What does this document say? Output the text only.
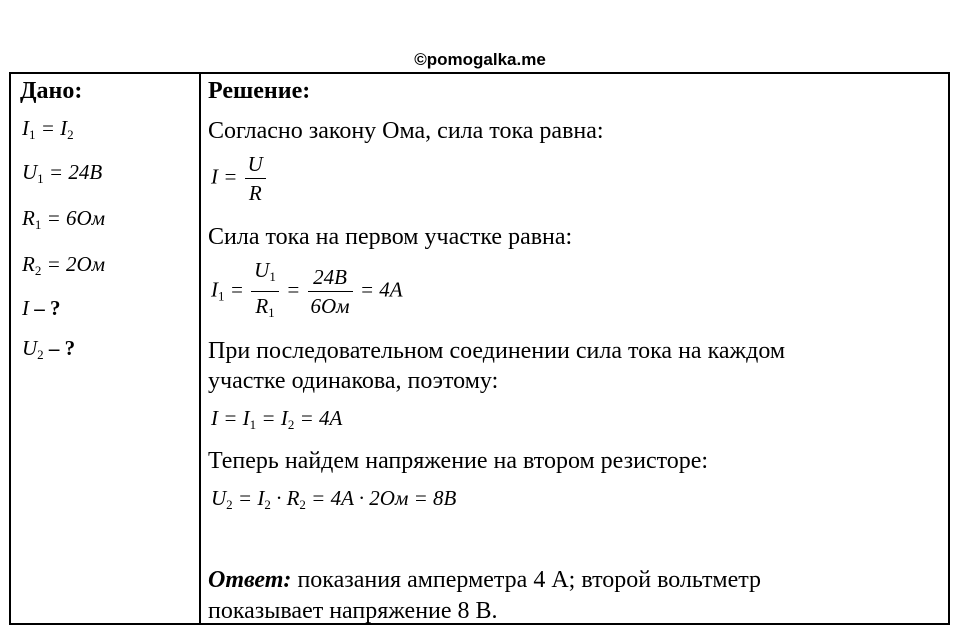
©pomogalka.me
Дано:
$I_1 = I_2$
$U_1 = 24B$
$R_1 = 6Ом$
$R_2 = 2Ом$
I – ?
$U_2$ – ?
Решение:
Согласно закону Ома, сила тока равна:
$I = \frac{U}{R}$
Сила тока на первом участке равна:
$I_1 = \frac{U_1}{R_1} = \frac{24B}{6Ом} = 4A$
При последовательном соединении сила тока на каждом
участке одинакова, поэтому:
$I = I_1 = I_2 = 4A$
Теперь найдем напряжение на втором резисторе:
$U_2 = I_2 \cdot R_2 = 4A \cdot 2Ом = 8B$
Ответ: показания амперметра 4 А; второй вольтметр
показывает напряжение 8 В.
